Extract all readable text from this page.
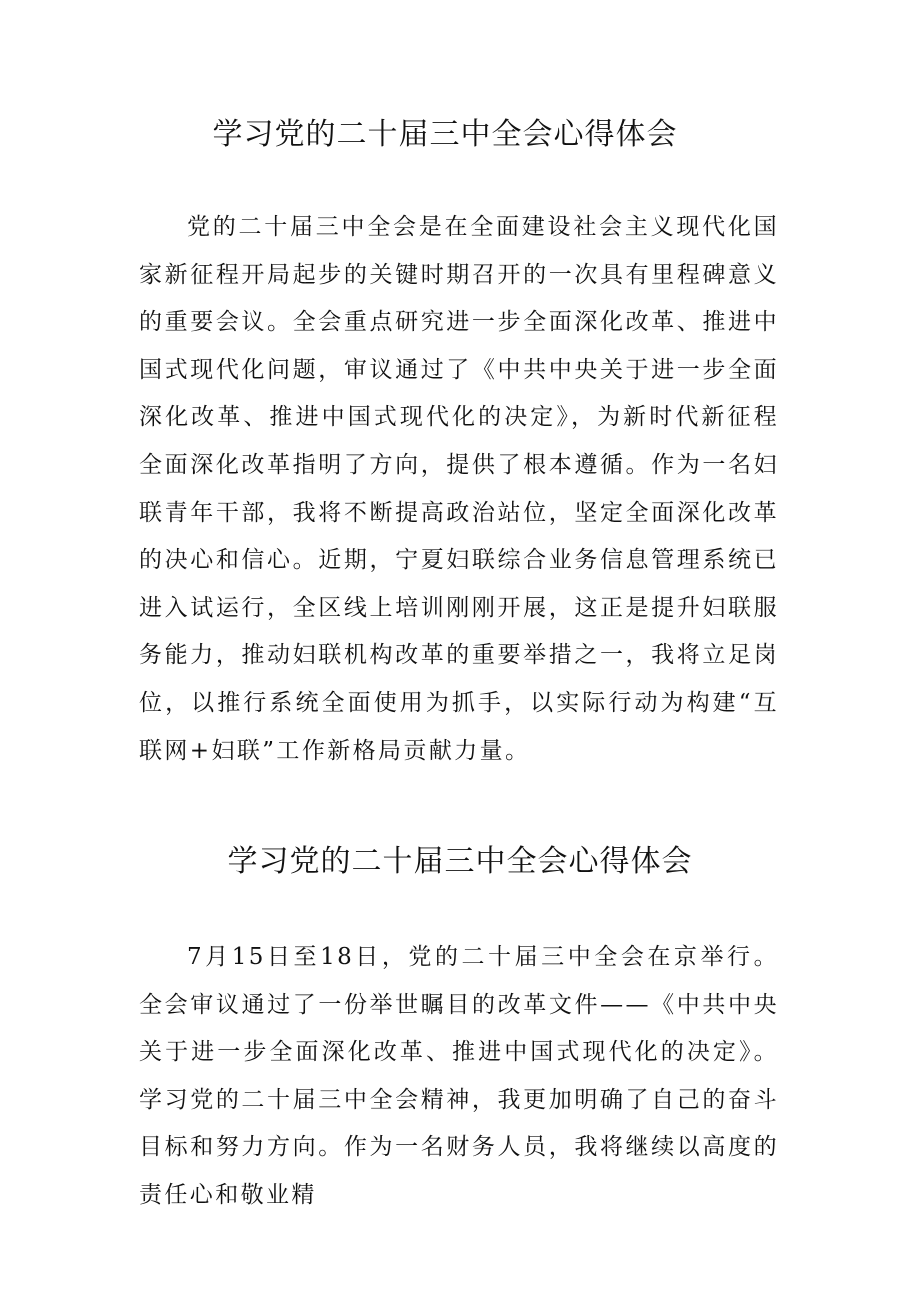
学习党的二十届三中全会心得体会

党的二十届三中全会是在全面建设社会主义现代化国家新征程开局起步的关键时期召开的一次具有里程碑意义的重要会议。全会重点研究进一步全面深化改革、推进中国式现代化问题，审议通过了《中共中央关于进一步全面深化改革、推进中国式现代化的决定》，为新时代新征程全面深化改革指明了方向，提供了根本遵循。作为一名妇联青年干部，我将不断提高政治站位，坚定全面深化改革的决心和信心。近期，宁夏妇联综合业务信息管理系统已进入试运行，全区线上培训刚刚开展，这正是提升妇联服务能力，推动妇联机构改革的重要举措之一，我将立足岗位，以推行系统全面使用为抓手，以实际行动为构建“互联网+妇联”工作新格局贡献力量。

学习党的二十届三中全会心得体会

7月15日至18日，党的二十届三中全会在京举行。全会审议通过了一份举世瞩目的改革文件——《中共中央关于进一步全面深化改革、推进中国式现代化的决定》。学习党的二十届三中全会精神，我更加明确了自己的奋斗目标和努力方向。作为一名财务人员，我将继续以高度的责任心和敬业精
